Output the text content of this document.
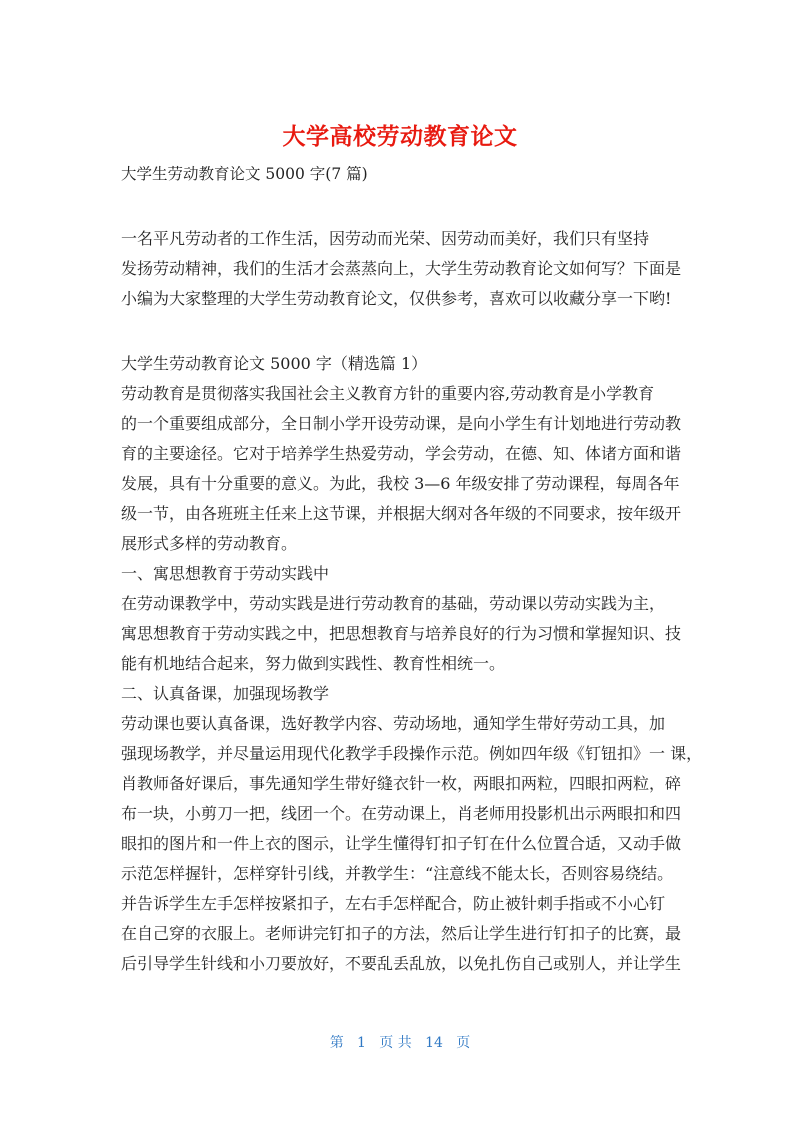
大学高校劳动教育论文
大学生劳动教育论文 5000 字(7 篇)

一名平凡劳动者的工作生活，因劳动而光荣、因劳动而美好，我们只有坚持

发扬劳动精神，我们的生活才会蒸蒸向上，大学生劳动教育论文如何写？下面是

小编为大家整理的大学生劳动教育论文，仅供参考，喜欢可以收藏分享一下哟!

大学生劳动教育论文 5000 字（精选篇 1）

劳动教育是贯彻落实我国社会主义教育方针的重要内容,劳动教育是小学教育

的一个重要组成部分，全日制小学开设劳动课，是向小学生有计划地进行劳动教

育的主要途径。它对于培养学生热爱劳动，学会劳动，在德、知、体诸方面和谐

发展，具有十分重要的意义。为此，我校 3—6 年级安排了劳动课程，每周各年

级一节，由各班班主任来上这节课，并根据大纲对各年级的不同要求，按年级开

展形式多样的劳动教育。

一、寓思想教育于劳动实践中

在劳动课教学中，劳动实践是进行劳动教育的基础，劳动课以劳动实践为主，

寓思想教育于劳动实践之中，把思想教育与培养良好的行为习惯和掌握知识、技

能有机地结合起来，努力做到实践性、教育性相统一。

二、认真备课，加强现场教学

劳动课也要认真备课，选好教学内容、劳动场地，通知学生带好劳动工具，加

强现场教学，并尽量运用现代化教学手段操作示范。例如四年级《钉钮扣》一 课，

肖教师备好课后，事先通知学生带好缝衣针一枚，两眼扣两粒，四眼扣两粒，碎

布一块，小剪刀一把，线团一个。在劳动课上，肖老师用投影机出示两眼扣和四

眼扣的图片和一件上衣的图示，让学生懂得钉扣子钉在什么位置合适，又动手做

示范怎样握针，怎样穿针引线，并教学生：“注意线不能太长，否则容易绕结。

并告诉学生左手怎样按紧扣子，左右手怎样配合，防止被针刺手指或不小心钉

在自己穿的衣服上。老师讲完钉扣子的方法，然后让学生进行钉扣子的比赛，最

后引导学生针线和小刀要放好，不要乱丢乱放，以免扎伤自己或别人，并让学生

第   1   页 共   14   页
